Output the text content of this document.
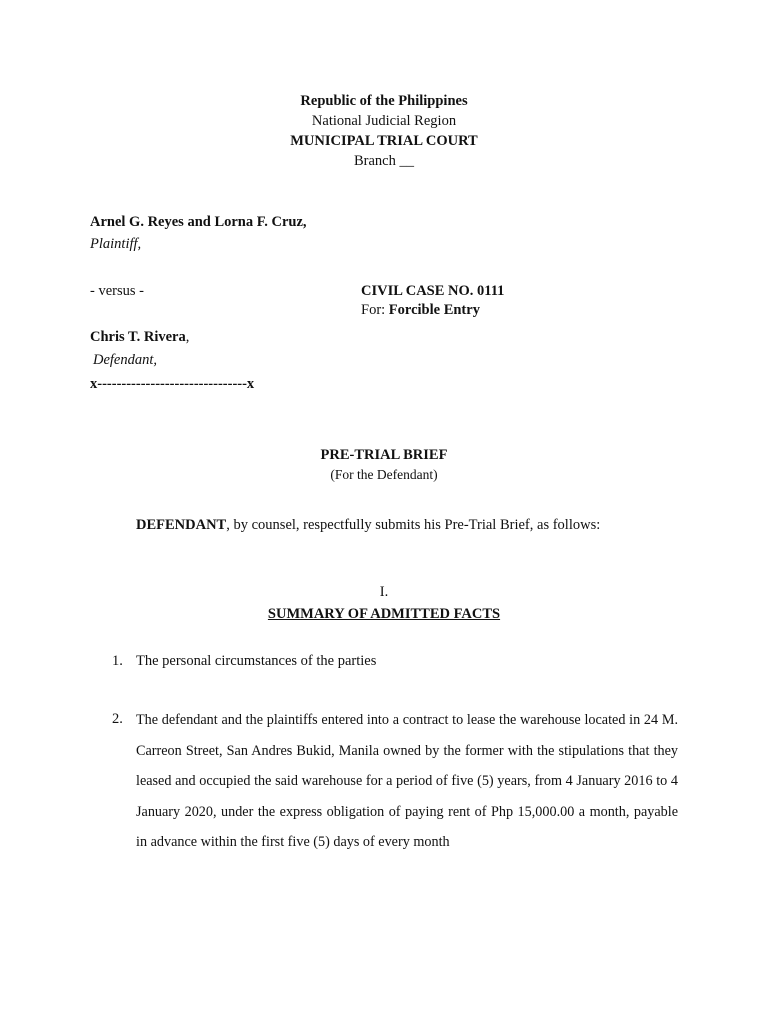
Republic of the Philippines
National Judicial Region
MUNICIPAL TRIAL COURT
Branch __
Arnel G. Reyes and Lorna F. Cruz,
Plaintiff,
- versus -	CIVIL CASE NO. 0111
For: Forcible Entry
Chris T. Rivera,
Defendant,
x-------------------------------x
PRE-TRIAL BRIEF
(For the Defendant)
DEFENDANT, by counsel, respectfully submits his Pre-Trial Brief, as follows:
I.
SUMMARY OF ADMITTED FACTS
1. The personal circumstances of the parties
2. The defendant and the plaintiffs entered into a contract to lease the warehouse located in 24 M. Carreon Street, San Andres Bukid, Manila owned by the former with the stipulations that they leased and occupied the said warehouse for a period of five (5) years, from 4 January 2016 to 4 January 2020, under the express obligation of paying rent of Php 15,000.00 a month, payable in advance within the first five (5) days of every month
